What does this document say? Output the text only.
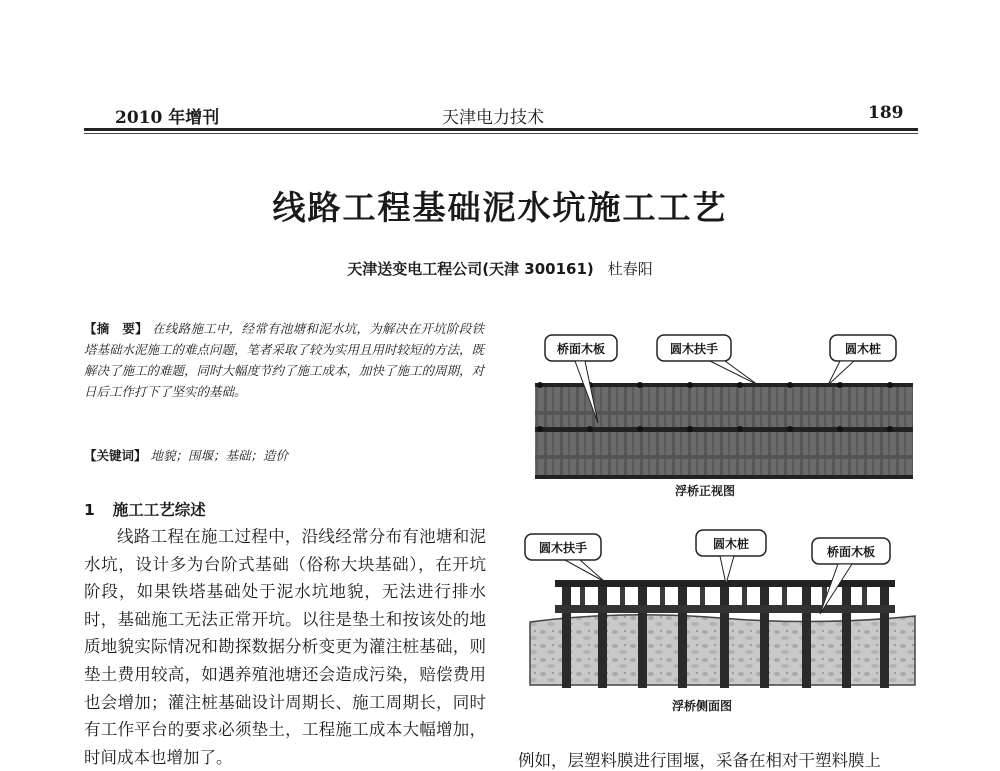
2010 年增刊	天津电力技术	189
线路工程基础泥水坑施工工艺
天津送变电工程公司(天津 300161) 杜春阳
【摘　要】 在线路施工中，经常有池塘和泥水坑，为解决在开坑阶段铁塔基础水泥施工的难点问题，笔者采取了较为实用且用时较短的方法，既解决了施工的难题，同时大幅度节约了施工成本，加快了施工的周期，对日后工作打下了坚实的基础。
【关键词】 地貌；围堰；基础；造价
1 施工工艺综述
线路工程在施工过程中，沿线经常分布有池塘和泥水坑，设计多为台阶式基础（俗称大块基础），在开坑阶段，如果铁塔基础处于泥水坑地貌，无法进行排水时，基础施工无法正常开坑。以往是垫土和按该处的地质地貌实际情况和勘探数据分析变更为灌注桩基础，则垫土费用较高，如遇养殖池塘还会造成污染，赔偿费用也会增加；灌注桩基础设计周期长、施工周期长，同时有工作平台的要求必须垫土，工程施工成本大幅增加，时间成本也增加了。	例如，层塑料膜进行围堰，采备在相对干塑料膜上
桥面木板	圆木扶手	圆木桩
浮桥正视图
圆木扶手	圆木桩
桥面木板
浮桥侧面图
